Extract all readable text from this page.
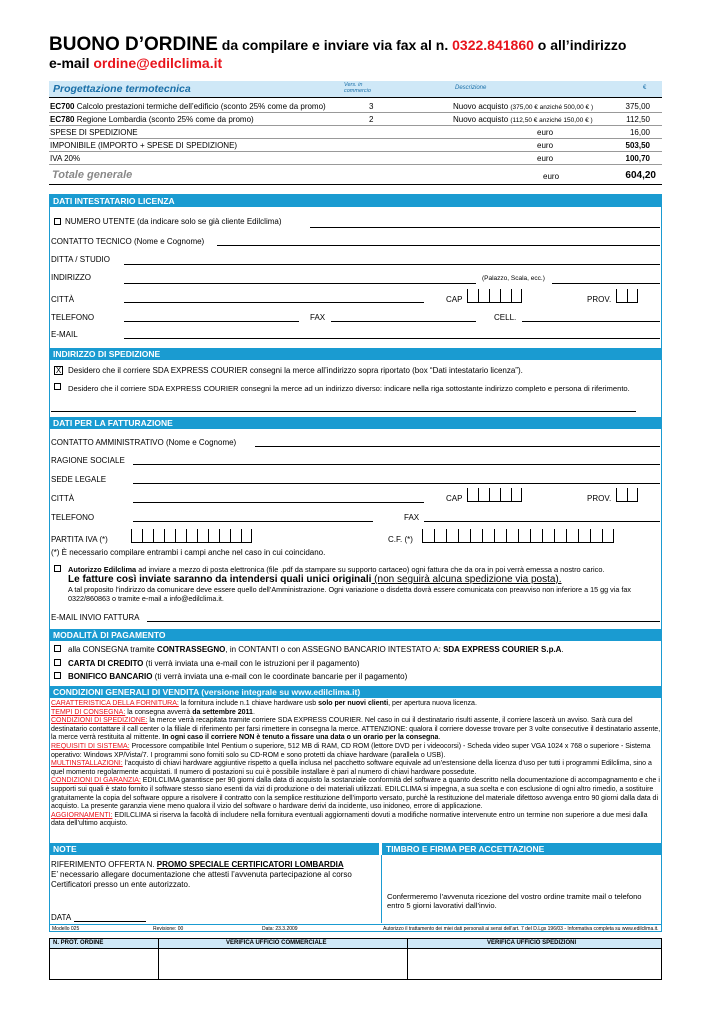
BUONO D’ORDINE da compilare e inviare via fax al n. 0322.841860 o all’indirizzo
e-mail ordine@edilclima.it
Progettazione termotecnica	Vers. in commercio	Descrizione	€
EC700 Calcolo prestazioni termiche dell’edificio (sconto 25% come da promo)	3	Nuovo acquisto (375,00 € anziché 500,00 € )	375,00
EC780 Regione Lombardia (sconto 25% come da promo)	2	Nuovo acquisto (112,50 € anziché 150,00 € )	112,50
SPESE DI SPEDIZIONE	euro	16,00
IMPONIBILE (IMPORTO + SPESE DI SPEDIZIONE)	euro	503,50
IVA 20%	euro	100,70
Totale generale	euro	604,20
DATI INTESTATARIO LICENZA
NUMERO UTENTE (da indicare solo se già cliente Edilclima)
CONTATTO TECNICO (Nome e Cognome)
DITTA / STUDIO
INDIRIZZO	(Palazzo, Scala, ecc.)
CITTÀ	CAP	PROV.
TELEFONO	FAX	CELL.
E-MAIL
INDIRIZZO DI SPEDIZIONE
X Desidero che il corriere SDA EXPRESS COURIER consegni la merce all’indirizzo sopra riportato (box “Dati intestatario licenza”).
Desidero che il corriere SDA EXPRESS COURIER consegni la merce ad un indirizzo diverso: indicare nella riga sottostante indirizzo completo e persona di riferimento.
DATI PER LA FATTURAZIONE
CONTATTO AMMINISTRATIVO (Nome e Cognome)
RAGIONE SOCIALE
SEDE LEGALE
CITTÀ	CAP	PROV.
TELEFONO	FAX
PARTITA IVA (*)	C.F. (*)
(*) È necessario compilare entrambi i campi anche nel caso in cui coincidano.
Autorizzo Edilclima ad inviare a mezzo di posta elettronica (file .pdf da stampare su supporto cartaceo) ogni fattura che da ora in poi verrà emessa a nostro carico.
Le fatture così inviate saranno da intendersi quali unici originali (non seguirà alcuna spedizione via posta).

A tal proposito l’indirizzo da comunicare deve essere quello dell’Amministrazione. Ogni variazione o disdetta dovrà essere comunicata con preavviso non inferiore a 15 gg via fax 0322/860863 o tramite e-mail a info@edilclima.it.
E-MAIL INVIO FATTURA
MODALITÀ DI PAGAMENTO
alla CONSEGNA tramite CONTRASSEGNO, in CONTANTI o con ASSEGNO BANCARIO INTESTATO A: SDA EXPRESS COURIER S.p.A.
CARTA DI CREDITO (ti verrà inviata una e-mail con le istruzioni per il pagamento)
BONIFICO BANCARIO (ti verrà inviata una e-mail con le coordinate bancarie per il pagamento)
CONDIZIONI GENERALI DI VENDITA (versione integrale su www.edilclima.it)

CARATTERISTICA DELLA FORNITURA: la fornitura include n.1 chiave hardware usb solo per nuovi clienti, per apertura nuova licenza.

TEMPI DI CONSEGNA: la consegna avverrà da settembre 2011.

CONDIZIONI DI SPEDIZIONE: la merce verrà recapitata tramite corriere SDA EXPRESS COURIER. Nel caso in cui il destinatario risulti assente, il corriere lascerà un avviso. Sarà cura del destinatario contattare il call center o la filiale di riferimento per farsi rimettere in consegna la merce. ATTENZIONE: qualora il corriere dovesse trovare per 3 volte consecutive il destinatario assente, la merce verrà restituita al mittente. In ogni caso il corriere NON è tenuto a fissare una data o un orario per la consegna.

REQUISITI DI SISTEMA: Processore compatibile Intel Pentium o superiore, 512 MB di RAM, CD ROM (lettore DVD per i videocorsi) - Scheda video super VGA 1024 x 768 o superiore - Sistema operativo: Windows XP/Vista/7. I programmi sono forniti solo su CD-ROM e sono protetti da chiave hardware (parallela o USB).

MULTINSTALLAZIONI: l’acquisto di chiavi hardware aggiuntive rispetto a quella inclusa nel pacchetto software equivale ad un’estensione della licenza d’uso per tutti i programmi Edilclima, sino a quel momento regolarmente acquistati. Il numero di postazioni su cui è possibile installare è pari al numero di chiavi hardware possedute.

CONDIZIONI DI GARANZIA: EDILCLIMA garantisce per 90 giorni dalla data di acquisto la sostanziale conformità del software a quanto descritto nella documentazione di accompagnamento e che i supporti sui quali è stato fornito il software stesso siano esenti da vizi di produzione o dei materiali utilizzati. EDILCLIMA si impegna, a sua scelta e con esclusione di ogni altro rimedio, a sostituire gratuitamente la copia del software oppure a risolvere il contratto con la semplice restituzione dell’importo versato, purchè la restituzione del materiale difettoso avvenga entro 90 giorni dalla data di acquisto. La presente garanzia viene meno qualora il vizio del software o hardware derivi da incidente, uso inidoneo, errore di applicazione.

AGGIORNAMENTI: EDILCLIMA si riserva la facoltà di includere nella fornitura eventuali aggiornamenti dovuti a modifiche normative intervenute entro un termine non superiore a due mesi dalla data dell’ultimo acquisto.

NOTE	TIMBRO E FIRMA PER ACCETTAZIONE
RIFERIMENTO OFFERTA N. PROMO SPECIALE CERTIFICATORI LOMBARDIA
E’ necessario allegare documentazione che attesti l’avvenuta partecipazione al corso Certificatori presso un ente autorizzato.
DATA
Confermeremo l’avvenuta ricezione del vostro ordine tramite mail o telefono entro 5 giorni lavorativi dall’invio.
Modello 025	Revisione: 00	Data: 23.3.2009	Autorizzo il trattamento dei miei dati personali ai sensi dell'art. 7 del D.Lgs 196/03 - Informativa completa su www.edilclima.it.
N. PROT. ORDINE	VERIFICA UFFICIO COMMERCIALE	VERIFICA UFFICIO SPEDIZIONI
